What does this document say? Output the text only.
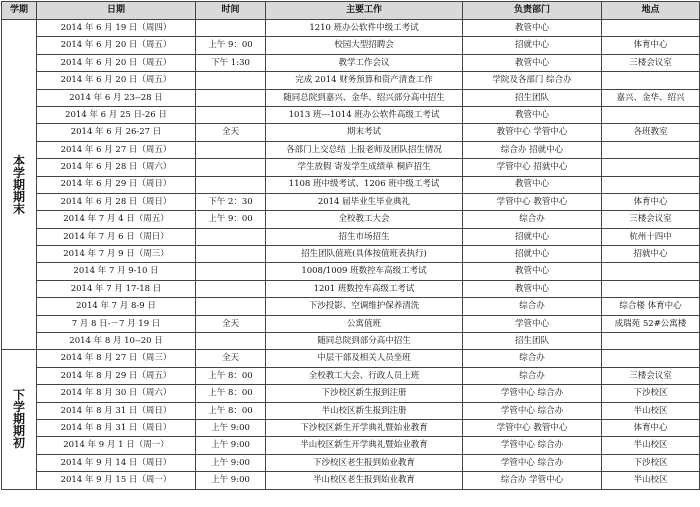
学期	日期	时间	主要工作	负责部门	地点

本
学
期
期
末	2014 年 6 月 19 日（周四）		1210 班办公软件中级工考试	教管中心	
	2014 年 6 月 20 日（周五）	上午 9：00	校园大型招聘会	招就中心	体育中心
	2014 年 6 月 20 日（周五）	下午 1:30	教学工作会议	教管中心	三楼会议室
	2014 年 6 月 20 日（周五）		完成 2014 财务预算和资产清查工作	学院及各部门 综合办	
	2014 年 6 月 23--28 日		随同总院到嘉兴、金华、绍兴部分高中招生	招生团队	嘉兴、金华、绍兴
	2014 年 6 月 25 日-26 日		1013 班---1014 班办公软件高级工考试	教管中心	
	2014 年 6 月 26-27 日	全天	期末考试	教管中心 学管中心	各班教室
	2014 年 6 月 27 日（周五）		各部门上交总结 上报老师及团队招生情况	综合办 招就中心	
	2014 年 6 月 28 日（周六）		学生放假 寄发学生成绩单 桐庐招生	学管中心 招就中心	
	2014 年 6 月 29 日（周日）		1108 班中级考试、1206 班中级工考试	教管中心	
	2014 年 6 月 28 日（周日）	下午 2：30	2014 届毕业生毕业典礼	学管中心 教管中心	体育中心
	2014 年 7 月 4 日（周五）	上午 9：00	全校教工大会	综合办	三楼会议室
	2014 年 7 月 6 日（周日）		招生市场招生	招就中心	杭州十四中
	2014 年 7 月 9 日（周三）		招生团队值班(具体按值班表执行)	招就中心	招就中心
	2014 年 7 月 9-10 日		1008/1009 班数控车高级工考试	教管中心	
	2014 年 7 月 17-18 日		1201 班数控车高级工考试	教管中心	
	2014 年 7 月 8-9 日		下沙投影、空调维护保养清洗	综合办	综合楼 体育中心
	7 月 8 日-－7 月 19 日	全天	公寓值班	学管中心	成瑞苑 52#公寓楼
	2014 年 8 月 10--20 日		随同总院到部分高中招生	招生团队	

下
学
期
期
初	2014 年 8 月 27 日（周三）	全天	中层干部及相关人员坐班	综合办	
	2014 年 8 月 29 日（周五）	上午 8：00	全校教工大会、行政人员上班	综合办	三楼会议室
	2014 年 8 月 30 日（周六）	上午 8：00	下沙校区新生报到注册	学管中心 综合办	下沙校区
	2014 年 8 月 31 日（周日）	上午 8：00	半山校区新生报到注册	学管中心 综合办	半山校区
	2014 年 8 月 31 日（周日）	上午 9:00	下沙校区新生开学典礼暨始业教育	学管中心 教管中心	体育中心
	2014 年 9 月 1 日（周一）	上午 9:00	半山校区新生开学典礼暨始业教育	学管中心 综合办	半山校区
	2014 年 9 月 14 日（周日）	上午 9:00	下沙校区老生报到始业教育	学管中心 综合办	下沙校区
	2014 年 9 月 15 日（周一）	上午 9:00	半山校区老生报到始业教育	综合办 学管中心	半山校区
